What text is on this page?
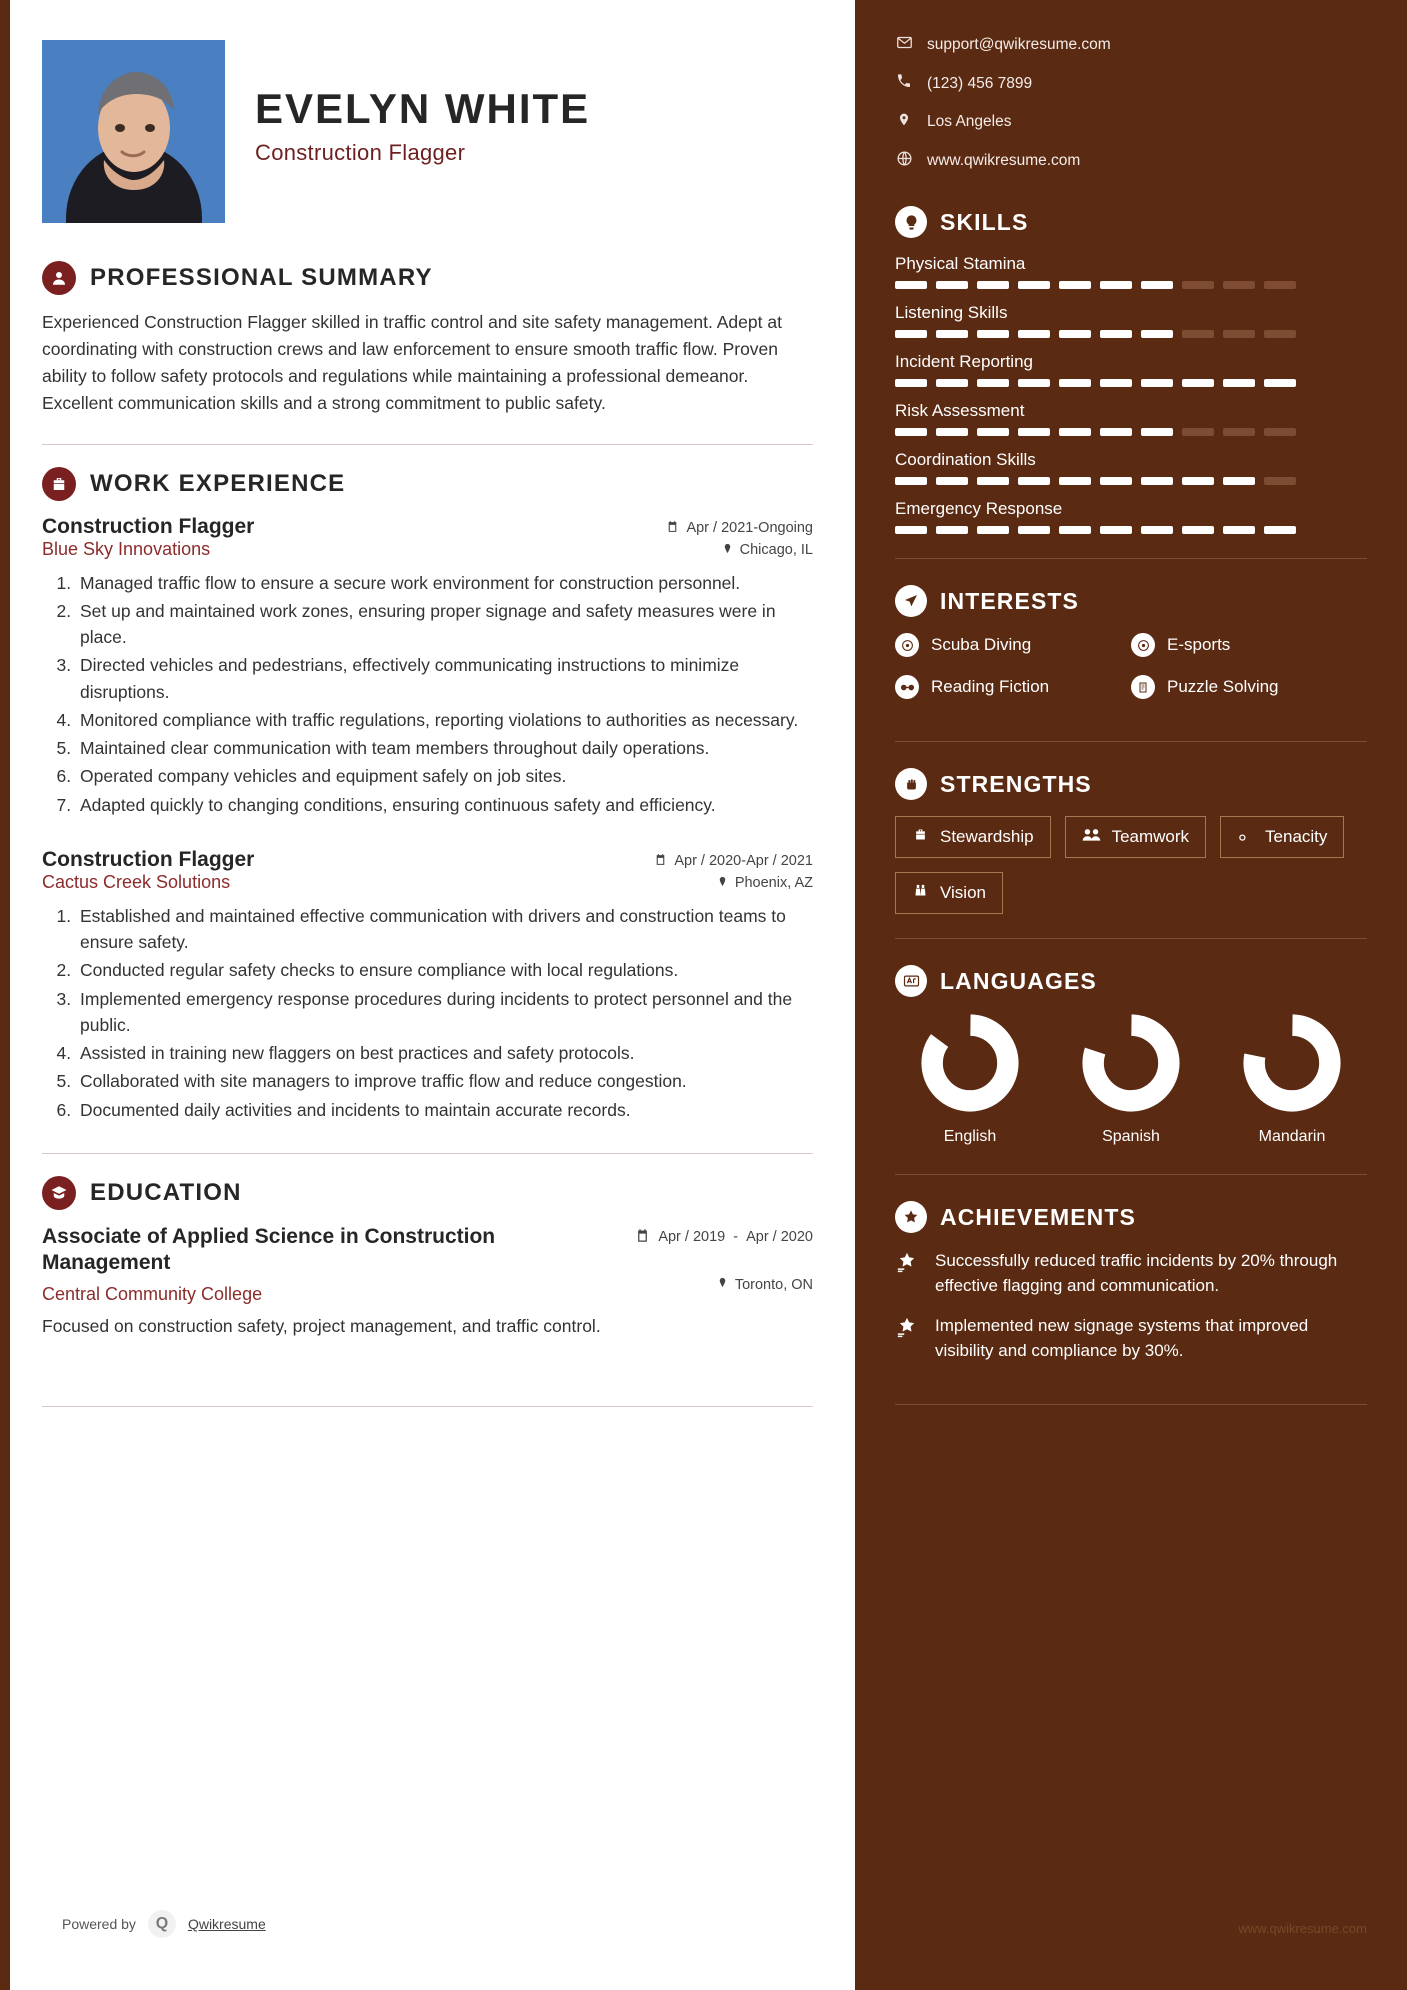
EVELYN WHITE
Construction Flagger
PROFESSIONAL SUMMARY
Experienced Construction Flagger skilled in traffic control and site safety management. Adept at coordinating with construction crews and law enforcement to ensure smooth traffic flow. Proven ability to follow safety protocols and regulations while maintaining a professional demeanor. Excellent communication skills and a strong commitment to public safety.
WORK EXPERIENCE
Construction Flagger	Apr / 2021-Ongoing
Blue Sky Innovations	Chicago, IL
1. Managed traffic flow to ensure a secure work environment for construction personnel.
2. Set up and maintained work zones, ensuring proper signage and safety measures were in place.
3. Directed vehicles and pedestrians, effectively communicating instructions to minimize disruptions.
4. Monitored compliance with traffic regulations, reporting violations to authorities as necessary.
5. Maintained clear communication with team members throughout daily operations.
6. Operated company vehicles and equipment safely on job sites.
7. Adapted quickly to changing conditions, ensuring continuous safety and efficiency.
Construction Flagger	Apr / 2020-Apr / 2021
Cactus Creek Solutions	Phoenix, AZ
1. Established and maintained effective communication with drivers and construction teams to ensure safety.
2. Conducted regular safety checks to ensure compliance with local regulations.
3. Implemented emergency response procedures during incidents to protect personnel and the public.
4. Assisted in training new flaggers on best practices and safety protocols.
5. Collaborated with site managers to improve traffic flow and reduce congestion.
6. Documented daily activities and incidents to maintain accurate records.
EDUCATION
Associate of Applied Science in Construction Management
Apr / 2019 - Apr / 2020
Central Community College	Toronto, ON
Focused on construction safety, project management, and traffic control.
Powered by	Q	Qwikresume
support@qwikresume.com
(123) 456 7899
Los Angeles
www.qwikresume.com
SKILLS
Physical Stamina
Listening Skills
Incident Reporting
Risk Assessment
Coordination Skills
Emergency Response
INTERESTS
Scuba Diving	E-sports
Reading Fiction	Puzzle Solving
STRENGTHS
Stewardship	Teamwork	Tenacity
Vision
LANGUAGES
English	Spanish	Mandarin
ACHIEVEMENTS
Successfully reduced traffic incidents by 20% through effective flagging and communication.
Implemented new signage systems that improved visibility and compliance by 30%.
www.qwikresume.com
